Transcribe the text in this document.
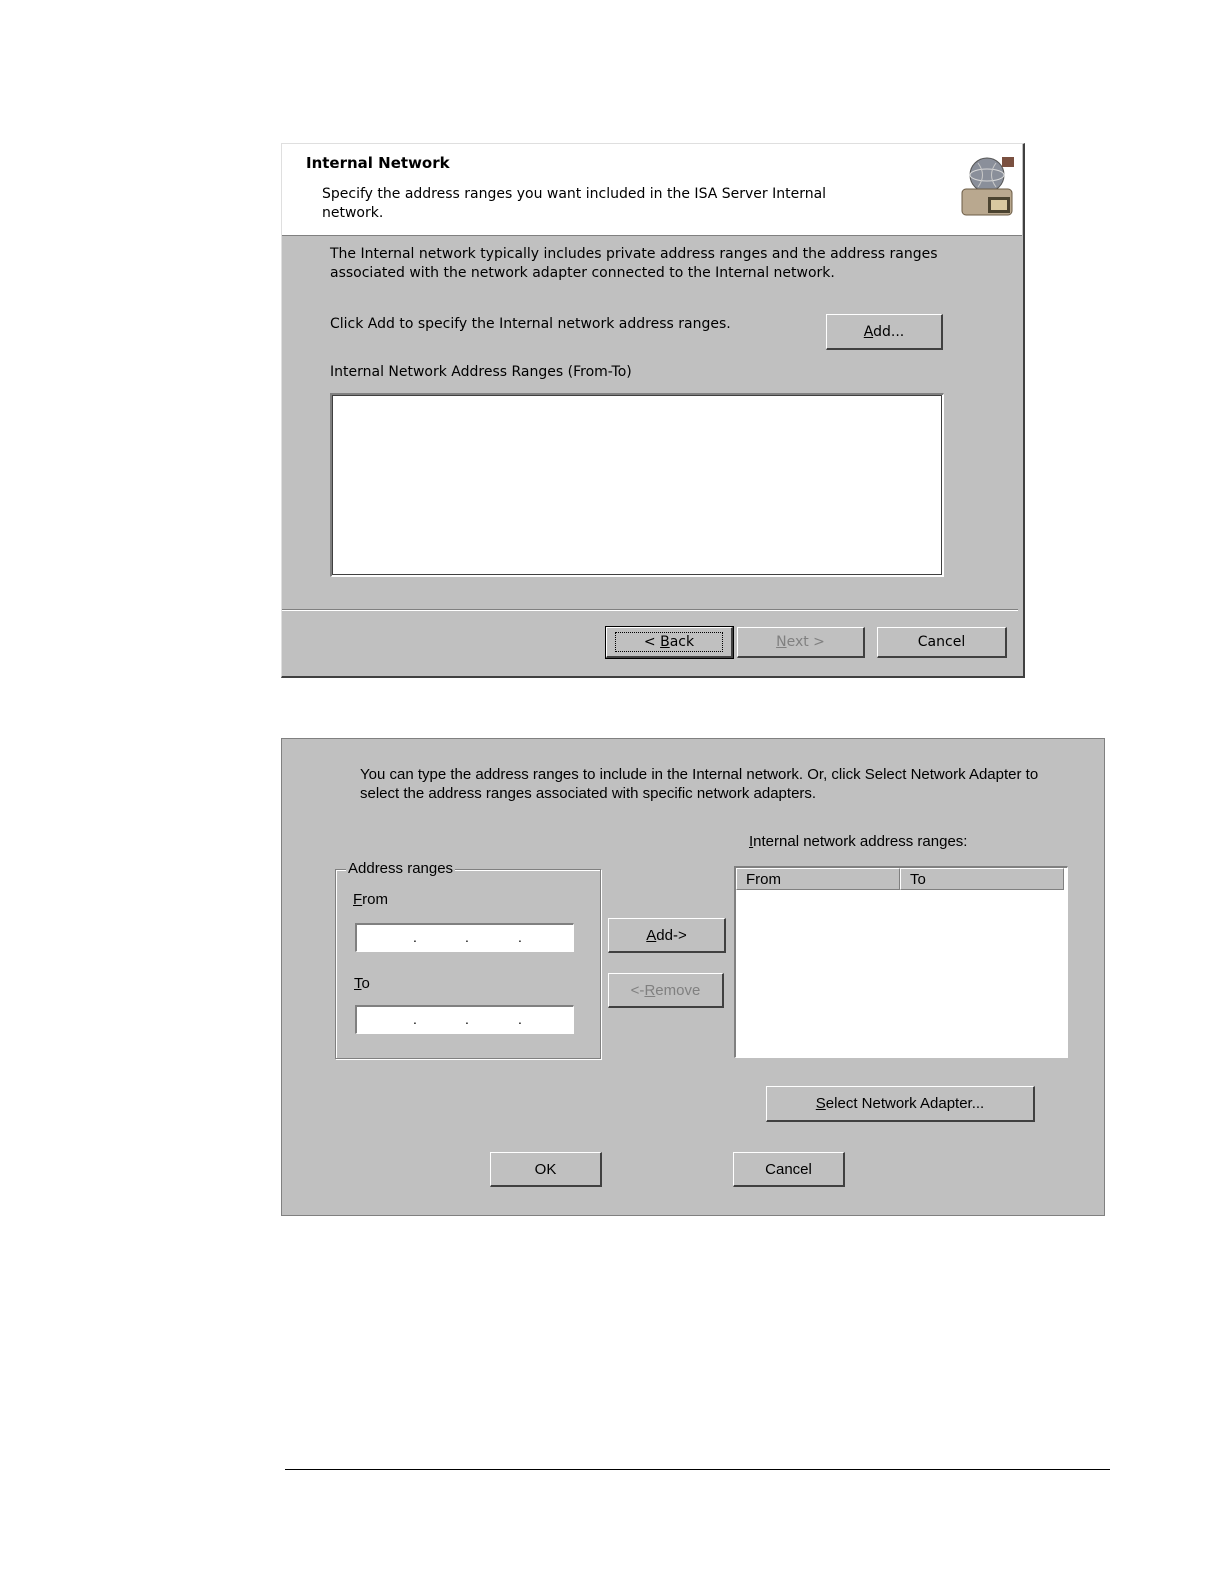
Internal Network
Specify the address ranges you want included in the ISA Server Internal network.
The Internal network typically includes private address ranges and the address ranges associated with the network adapter connected to the Internal network.
Click Add to specify the Internal network address ranges.	Add...
Internal Network Address Ranges (From-To)
< Back	Next >	Cancel
You can type the address ranges to include in the Internal network. Or, click Select Network Adapter to select the address ranges associated with specific network adapters.
Address ranges
From
.	.	.
To
.	.	.
Add->
<-Remove
Internal network address ranges:
From	To
Select Network Adapter...
OK	Cancel
